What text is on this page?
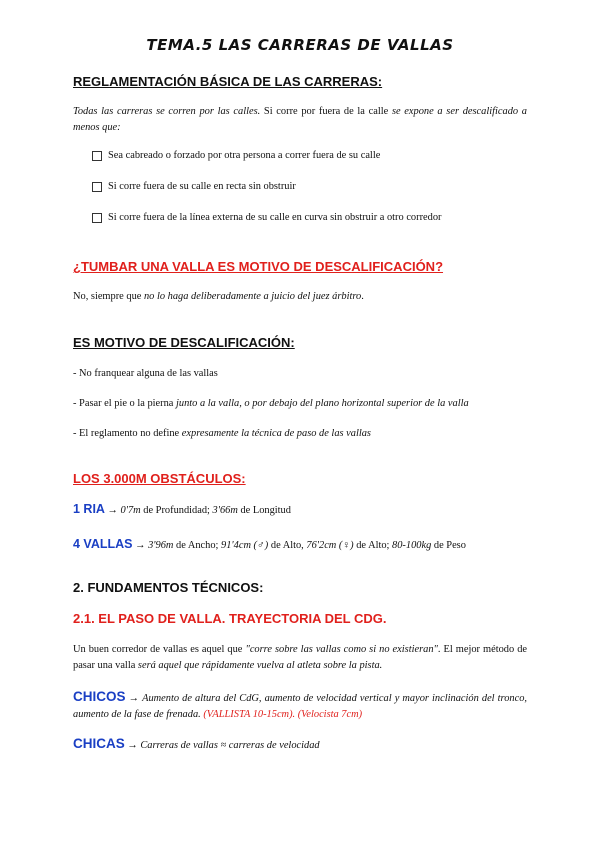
TEMA.5 LAS CARRERAS DE VALLAS
REGLAMENTACIÓN BÁSICA DE LAS CARRERAS:
Todas las carreras se corren por las calles. Si corre por fuera de la calle se expone a ser descalificado a menos que:
Sea cabreado o forzado por otra persona a correr fuera de su calle
Si corre fuera de su calle en recta sin obstruir
Si corre fuera de la línea externa de su calle en curva sin obstruir a otro corredor
¿TUMBAR UNA VALLA ES MOTIVO DE DESCALIFICACIÓN?
No, siempre que no lo haga deliberadamente a juicio del juez árbitro.
ES MOTIVO DE DESCALIFICACIÓN:
- No franquear alguna de las vallas
- Pasar el pie o la pierna junto a la valla, o por debajo del plano horizontal superior de la valla
- El reglamento no define expresamente la técnica de paso de las vallas
LOS 3.000M OBSTÁCULOS:
1 RIA → 0'7m de Profundidad; 3'66m de Longitud
4 VALLAS → 3'96m de Ancho; 91'4cm (♂) de Alto, 76'2cm (♀) de Alto; 80-100kg de Peso
2. FUNDAMENTOS TÉCNICOS:
2.1. EL PASO DE VALLA. TRAYECTORIA DEL CDG.
Un buen corredor de vallas es aquel que "corre sobre las vallas como si no existieran". El mejor método de pasar una valla será aquel que rápidamente vuelva al atleta sobre la pista.
CHICOS → Aumento de altura del CdG, aumento de velocidad vertical y mayor inclinación del tronco, aumento de la fase de frenada. (VALLISTA 10-15cm). (Velocista 7cm)
CHICAS → Carreras de vallas ≈ carreras de velocidad
